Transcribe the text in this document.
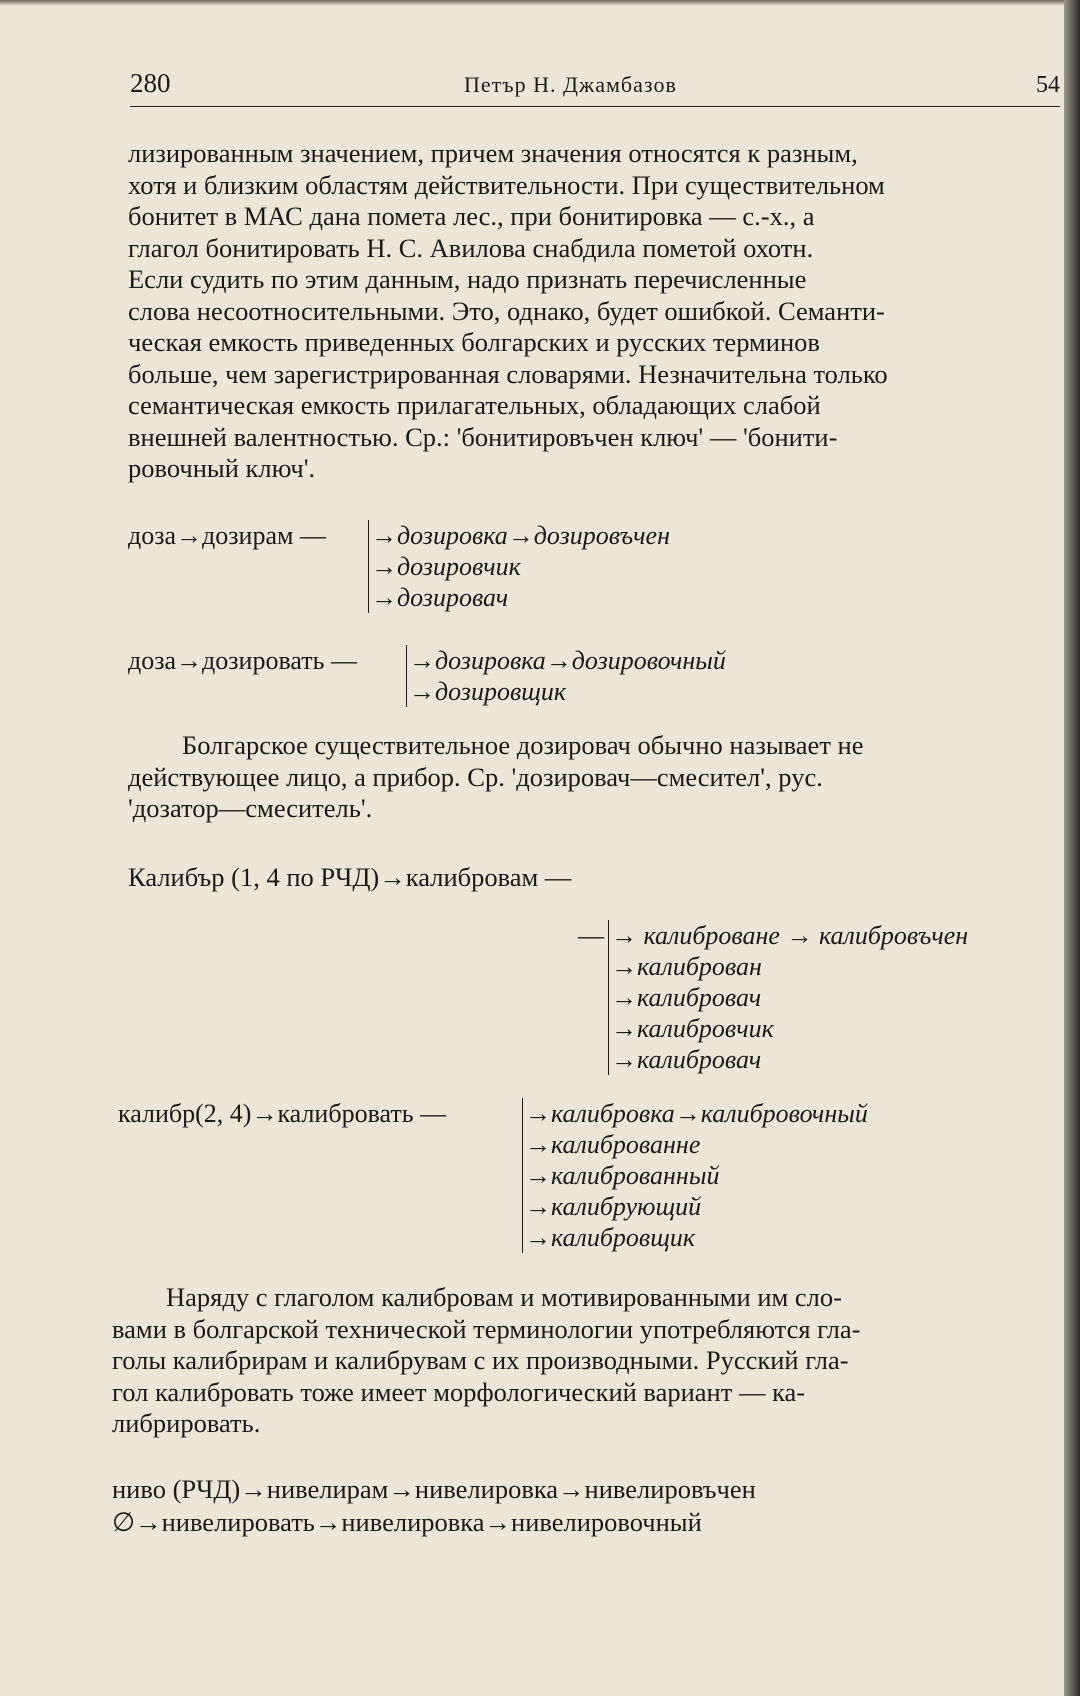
280	Петър Н. Джамбазов	54

лизированным значением, причем значения относятся к разным,

хотя и близким областям действительности. При существительном

бонитет в МАС дана помета лес., при бонитировка — с.-х., а

глагол бонитировать Н. С. Авилова снабдила пометой охотн.

Если судить по этим данным, надо признать перечисленные

слова несоотносительными. Это, однако, будет ошибкой. Семанти-

ческая емкость приведенных болгарских и русских терминов

больше, чем зарегистрированная словарями. Незначительна только

семантическая емкость прилагательных, обладающих слабой

внешней валентностью. Ср.: 'бонитировъчен ключ' — 'бонити-

ровочный ключ'.

доза→дозирам — →дозировка→дозировъчен
→дозировчик
→дозировач
доза→дозировать — →дозировка→дозировочный
→дозировщик

Болгарское существительное дозировач обычно называет не

действующее лицо, а прибор. Ср. 'дозировач—смесител', рус.

'дозатор—смеситель'.

Калибър (1, 4 по РЧД)→калибровам —
— → калиброване → калибровъчен
→калиброван
→калибровач
→калибровчик
→калибровач
калибр(2, 4)→калибровать —	→калибровка→калибровочный
→калиброванне
→калиброванный
→калибрующий
→калибровщик

Наряду с глаголом калибровам и мотивированными им сло-

вами в болгарской технической терминологии употребляются гла-

голы калибрирам и калибрувам с их производными. Русский гла-

гол калибровать тоже имеет морфологический вариант — ка-

либрировать.

ниво (РЧД)→нивелирам→нивелировка→нивелировъчен
∅→нивелировать→нивелировка→нивелировочный
